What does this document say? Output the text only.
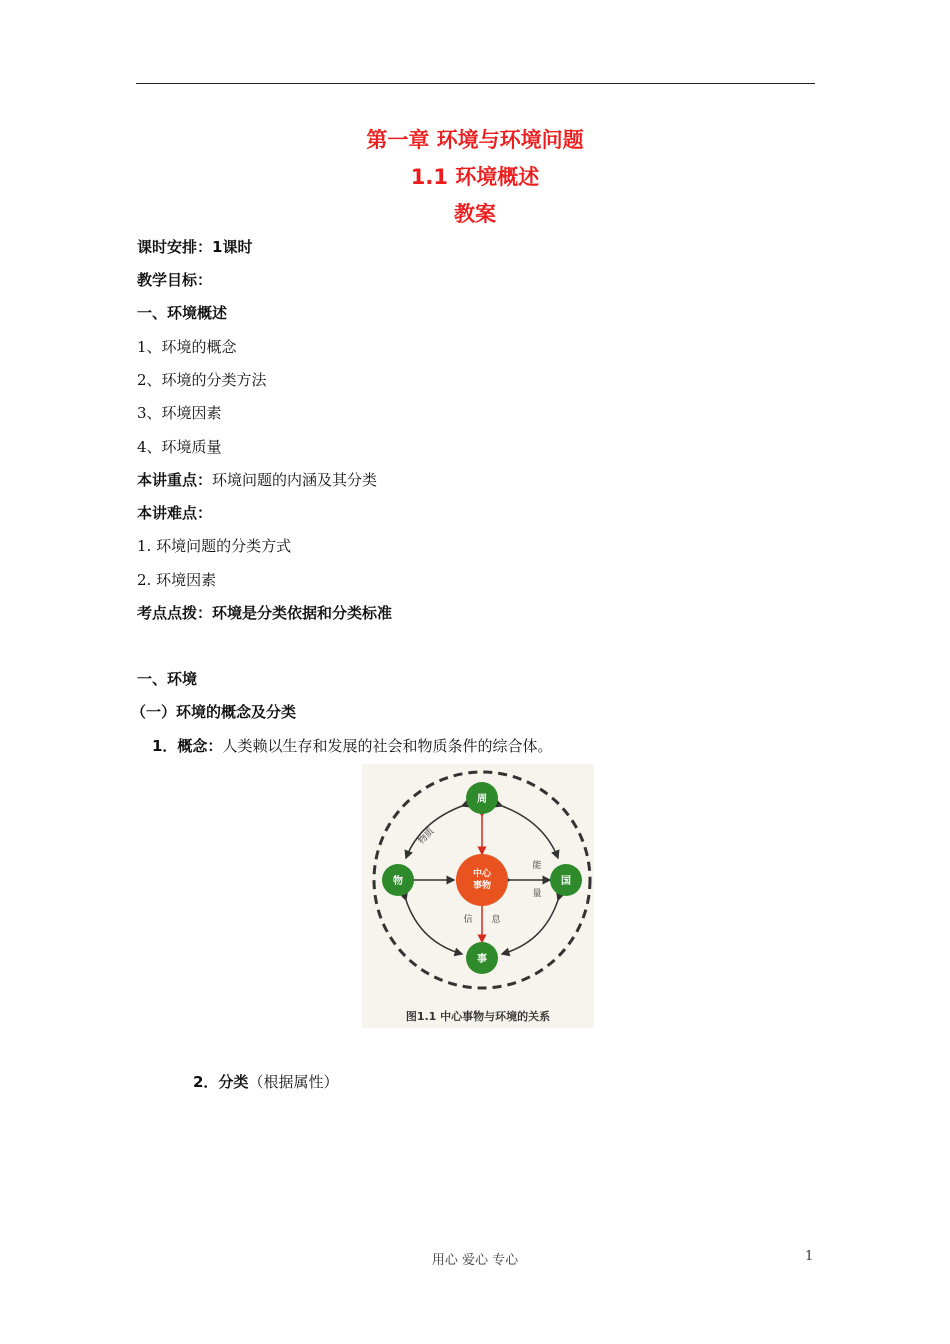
第一章 环境与环境问题
1.1 环境概述
教案
课时安排：1课时
教学目标：
一、环境概述
1、环境的概念
2、环境的分类方法
3、环境因素
4、环境质量
本讲重点：环境问题的内涵及其分类
本讲难点：
1. 环境问题的分类方式
2. 环境因素
考点点拨：环境是分类依据和分类标准
一、环境
（一）环境的概念及分类
1．概念：人类赖以生存和发展的社会和物质条件的综合体。
中心
事物
周
物	国
事
物质
能
量
信 息
图1.1 中心事物与环境的关系
2．分类（根据属性）
用心 爱心 专心	1
